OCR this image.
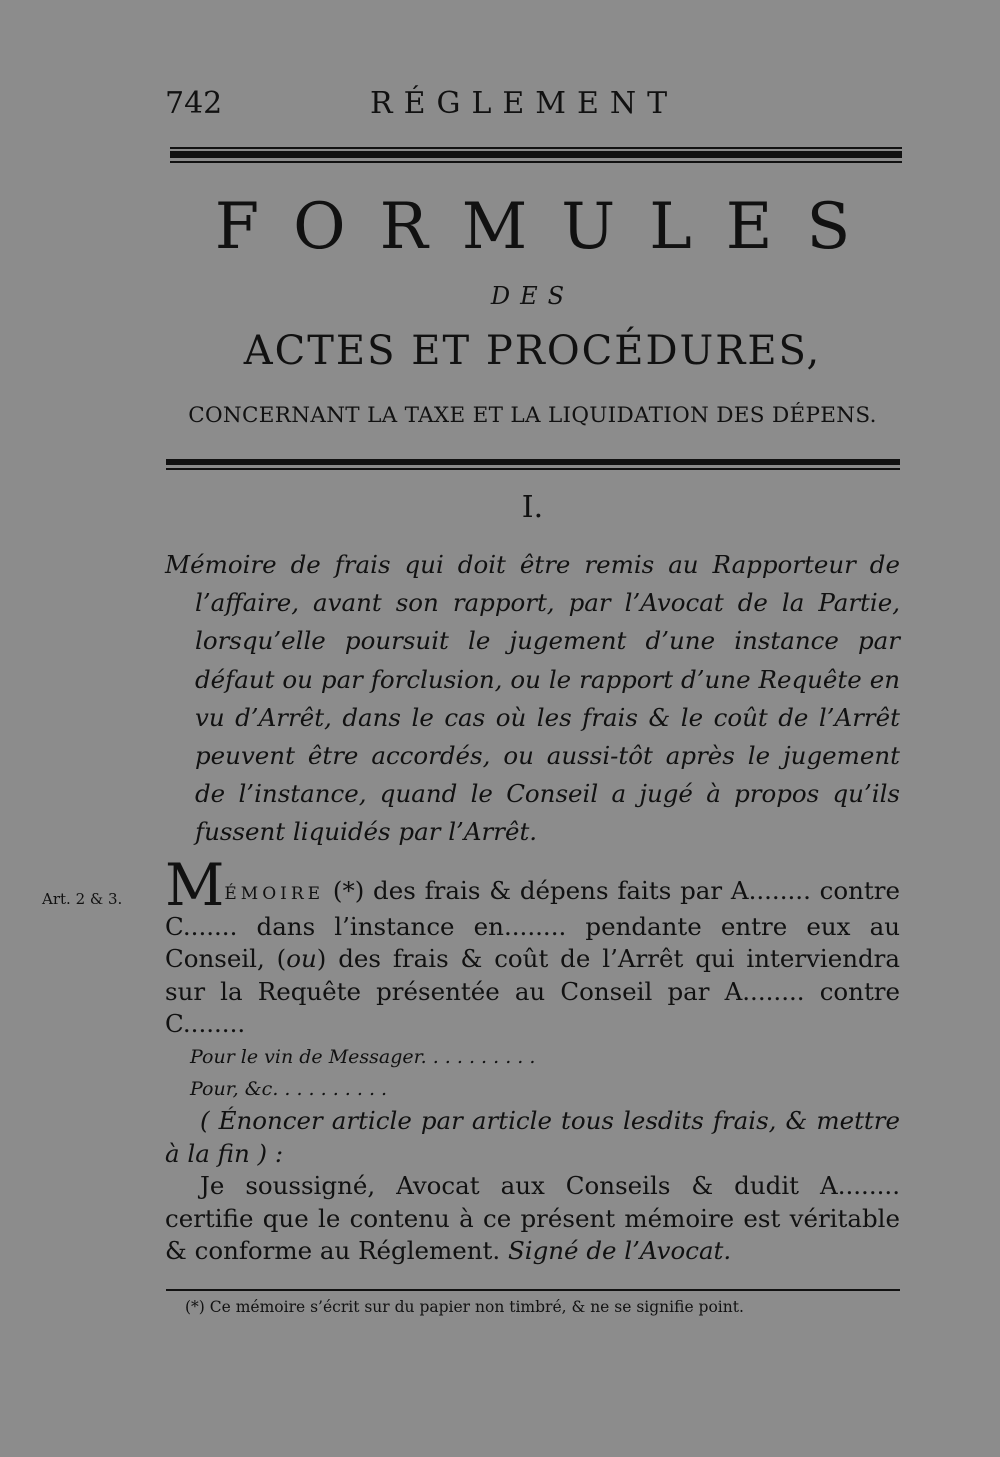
742	RÉGLEMENT
FORMULES
DES
ACTES ET PROCÉDURES,
CONCERNANT LA TAXE ET LA LIQUIDATION DES DÉPENS.
I.

Mémoire de frais qui doit être remis au Rapporteur de l’affaire, avant son rapport, par l’Avocat de la Partie, lorsqu’elle poursuit le jugement d’une instance par défaut ou par forclusion, ou le rapport d’une Requête en vu d’Arrêt, dans le cas où les frais & le coût de l’Arrêt peuvent être accordés, ou aussi-tôt après le jugement de l’instance, quand le Conseil a jugé à propos qu’ils fussent liquidés par l’Arrêt.

Art. 2 & 3. MÉMOIRE (*) des frais & dépens faits par A........ contre C....... dans l’instance en........ pendante entre eux au Conseil, (ou) des frais & coût de l’Arrêt qui interviendra sur la Requête présentée au Conseil par A........ contre C........

Pour le vin de Messager. . . . . . . . . .

Pour, &c. . . . . . . . . .

( Énoncer article par article tous lesdits frais, & mettre à la fin ) :

Je soussigné, Avocat aux Conseils & dudit A........ certifie que le contenu à ce présent mémoire est véritable & conforme au Réglement. Signé de l’Avocat.

(*) Ce mémoire s’écrit sur du papier non timbré, & ne se signifie point.
